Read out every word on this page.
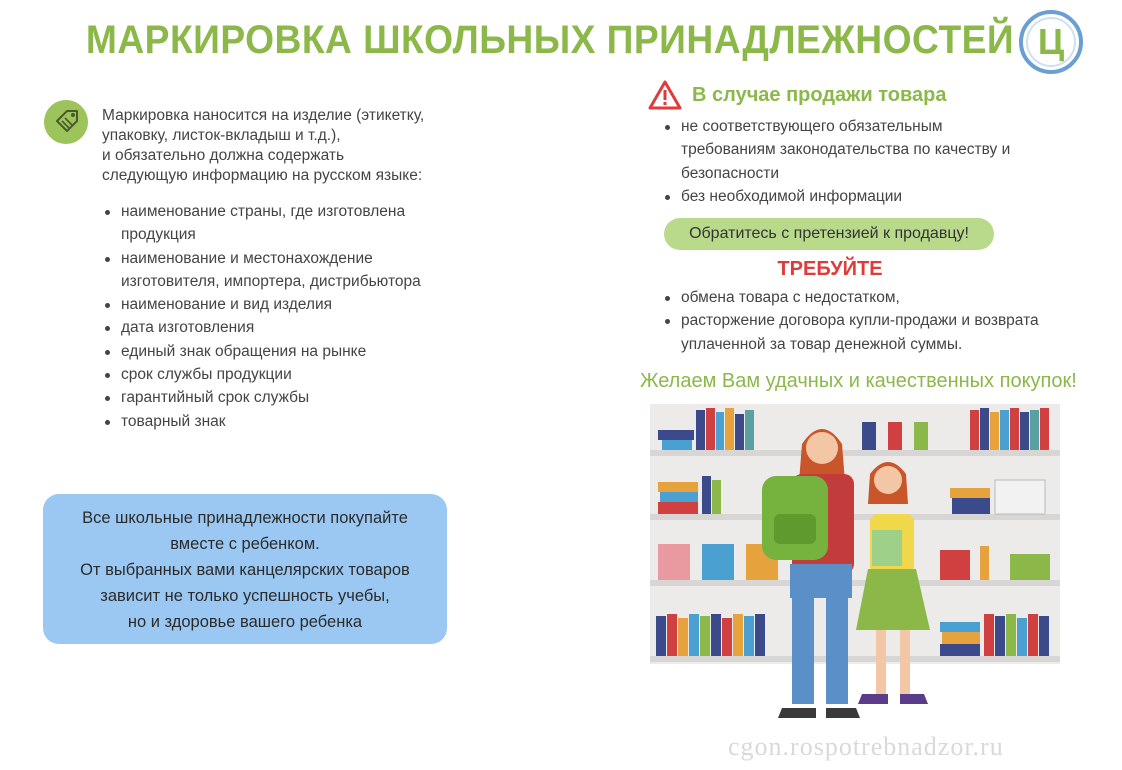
МАРКИРОВКА ШКОЛЬНЫХ ПРИНАДЛЕЖНОСТЕЙ Ц
Маркировка наносится на изделие (этикетку,
упаковку, листок-вкладыш и т.д.),
и обязательно должна содержать
следующую информацию на русском языке:
наименование страны, где изготовлена продукция
наименование и местонахождение изготовителя, импортера, дистрибьютора
наименование и вид изделия
дата изготовления
единый знак обращения на рынке
срок службы продукции
гарантийный срок службы
товарный знак
Все школьные принадлежности покупайте
вместе с ребенком.
От выбранных вами канцелярских товаров
зависит не только успешность учебы,
но и здоровье вашего ребенка
В случае продажи товара
не соответствующего обязательным требованиям законодательства по качеству и безопасности
без необходимой информации
Обратитесь с претензией к продавцу!
ТРЕБУЙТЕ
обмена товара с недостатком,
расторжение договора купли-продажи и возврата уплаченной за товар денежной суммы.
Желаем Вам удачных и качественных покупок!
cgon.rospotrebnadzor.ru
